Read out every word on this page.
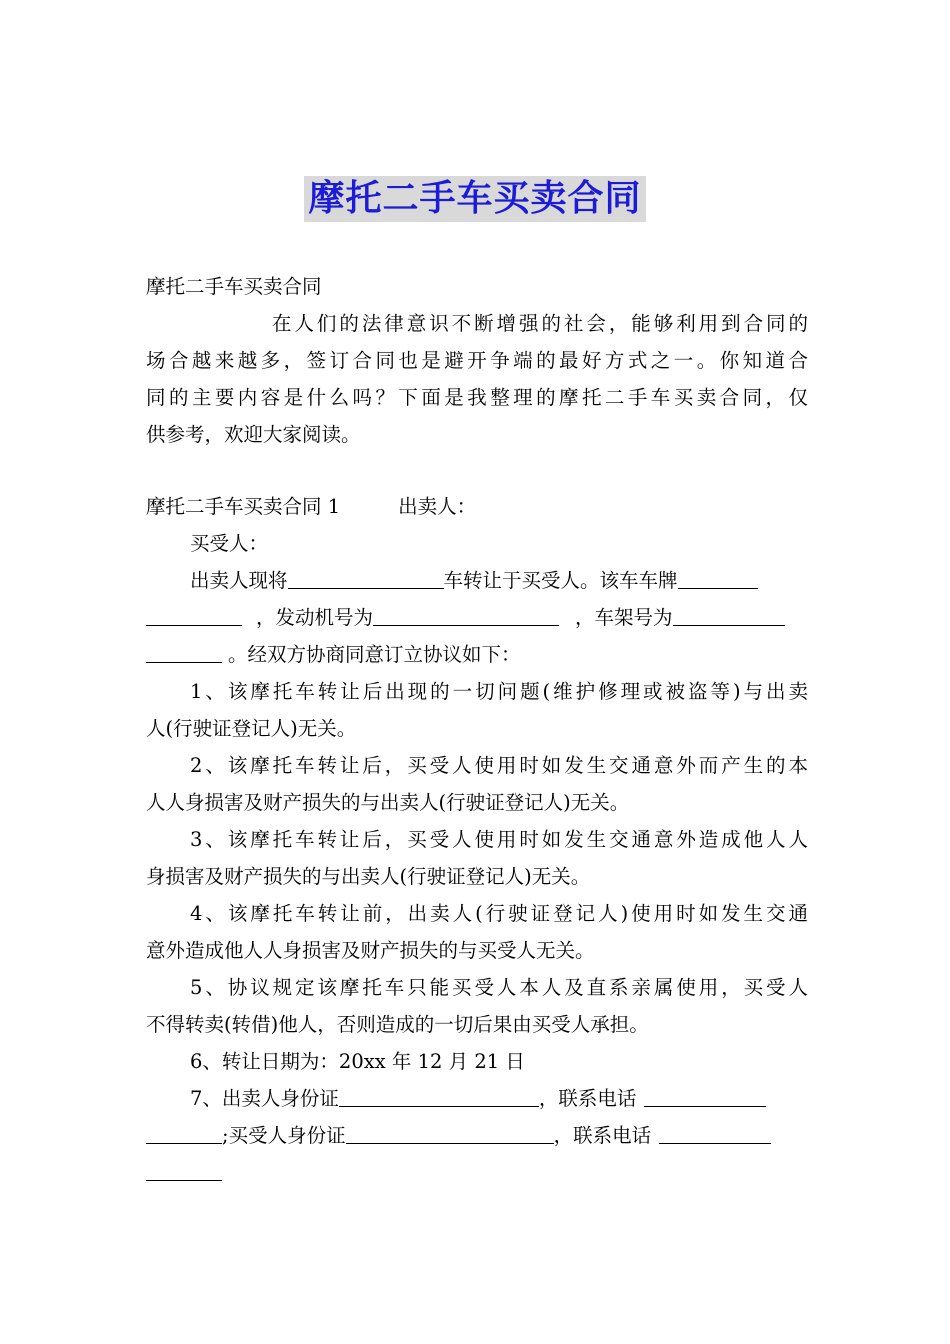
摩托二手车买卖合同
摩托二手车买卖合同
在人们的法律意识不断增强的社会，能够利用到合同的
场合越来越多，签订合同也是避开争端的最好方式之一。你知道合
同的主要内容是什么吗？下面是我整理的摩托二手车买卖合同，仅
供参考，欢迎大家阅读。
摩托二手车买卖合同 1	出卖人：
买受人：
出卖人现将	车转让于买受人。该车车牌
，发动机号为	，车架号为
。经双方协商同意订立协议如下：
1、该摩托车转让后出现的一切问题(维护修理或被盗等)与出卖
人(行驶证登记人)无关。
2、该摩托车转让后，买受人使用时如发生交通意外而产生的本
人人身损害及财产损失的与出卖人(行驶证登记人)无关。
3、该摩托车转让后，买受人使用时如发生交通意外造成他人人
身损害及财产损失的与出卖人(行驶证登记人)无关。
4、该摩托车转让前，出卖人(行驶证登记人)使用时如发生交通
意外造成他人人身损害及财产损失的与买受人无关。
5、协议规定该摩托车只能买受人本人及直系亲属使用，买受人
不得转卖(转借)他人，否则造成的一切后果由买受人承担。
6、转让日期为：20xx 年 12 月 21 日
7、出卖人身份证	，联系电话
;买受人身份证	，联系电话
